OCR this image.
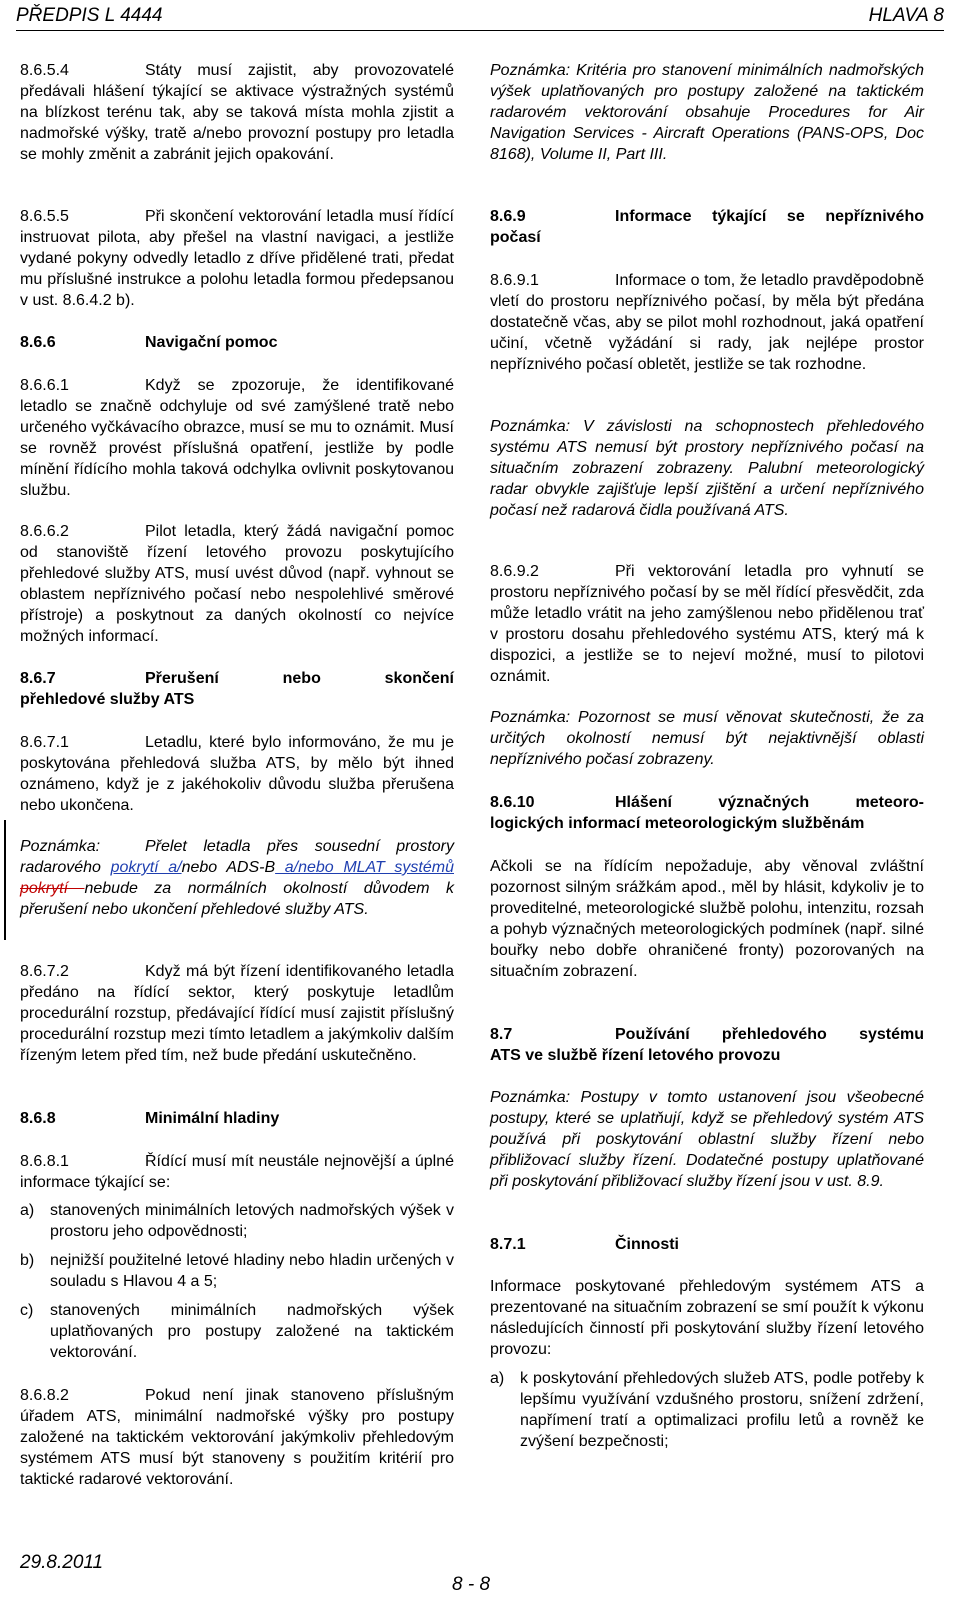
PŘEDPIS L 4444	HLAVA 8
8.6.5.4	Státy musí zajistit, aby provozovatelé předávali hlášení týkající se aktivace výstražných systémů na blízkost terénu tak, aby se taková místa mohla zjistit a nadmořské výšky, tratě a/nebo provozní postupy pro letadla se mohly změnit a zabránit jejich opakování.
8.6.5.5	Při skončení vektorování letadla musí řídící instruovat pilota, aby přešel na vlastní navigaci, a jestliže vydané pokyny odvedly letadlo z dříve přidělené trati, předat mu příslušné instrukce a polohu letadla formou předepsanou v ust. 8.6.4.2 b).
8.6.6	Navigační pomoc
8.6.6.1	Když se zpozoruje, že identifikované letadlo se značně odchyluje od své zamýšlené tratě nebo určeného vyčkávacího obrazce, musí se mu to oznámit. Musí se rovněž provést příslušná opatření, jestliže by podle mínění řídícího mohla taková odchylka ovlivnit poskytovanou službu.
8.6.6.2	Pilot letadla, který žádá navigační pomoc od stanoviště řízení letového provozu poskytujícího přehledové služby ATS, musí uvést důvod (např. vyhnout se oblastem nepříznivého počasí nebo nespolehlivé směrové přístroje) a poskytnout za daných okolností co nejvíce možných informací.
8.6.7	Přerušení nebo skončení
přehledové služby ATS
8.6.7.1	Letadlu, které bylo informováno, že mu je poskytována přehledová služba ATS, by mělo být ihned oznámeno, když je z jakéhokoliv důvodu služba přerušena nebo ukončena.
Poznámka:	Přelet letadla přes sousední prostory radarového pokrytí a/nebo ADS-B a/nebo MLAT systémů pokrytí nebude za normálních okolností důvodem k přerušení nebo ukončení přehledové služby ATS.
8.6.7.2	Když má být řízení identifikovaného letadla předáno na řídící sektor, který poskytuje letadlům procedurální rozstup, předávající řídící musí zajistit příslušný procedurální rozstup mezi tímto letadlem a jakýmkoliv dalším řízeným letem před tím, než bude předání uskutečněno.
8.6.8	Minimální hladiny
8.6.8.1	Řídící musí mít neustále nejnovější a úplné informace týkající se:
a) stanovených minimálních letových nadmořských výšek v prostoru jeho odpovědnosti;
b) nejnižší použitelné letové hladiny nebo hladin určených v souladu s Hlavou 4 a 5;
c)	stanovených minimálních nadmořských výšek uplatňovaných pro postupy založené na taktickém vektorování.
8.6.8.2	Pokud není jinak stanoveno příslušným úřadem ATS, minimální nadmořské výšky pro postupy založené na taktickém vektorování jakýmkoliv přehledovým systémem ATS musí být stanoveny s použitím kritérií pro taktické radarové vektorování.
Poznámka: Kritéria pro stanovení minimálních nadmořských výšek uplatňovaných pro postupy založené na taktickém radarovém vektorování obsahuje Procedures for Air Navigation Services - Aircraft Operations (PANS-OPS, Doc 8168), Volume II, Part III.
8.6.9	Informace týkající se nepříznivého
počasí
8.6.9.1	Informace o tom, že letadlo pravděpodobně vletí do prostoru nepříznivého počasí, by měla být předána dostatečně včas, aby se pilot mohl rozhodnout, jaká opatření učiní, včetně vyžádání si rady, jak nejlépe prostor nepříznivého počasí obletět, jestliže se tak rozhodne.
Poznámka: V závislosti na schopnostech přehledového systému ATS nemusí být prostory nepříznivého počasí na situačním zobrazení zobrazeny. Palubní meteorologický radar obvykle zajišťuje lepší zjištění a určení nepříznivého počasí než radarová čidla používaná ATS.
8.6.9.2	Při vektorování letadla pro vyhnutí se prostoru nepříznivého počasí by se měl řídící přesvědčit, zda může letadlo vrátit na jeho zamýšlenou nebo přidělenou trať v prostoru dosahu přehledového systému ATS, který má k dispozici, a jestliže se to nejeví možné, musí to pilotovi oznámit.
Poznámka: Pozornost se musí věnovat skutečnosti, že za určitých okolností nemusí být nejaktivnější oblasti nepříznivého počasí zobrazeny.
8.6.10	Hlášení význačných meteoro-
logických informací meteorologickým služběnám
Ačkoli se na řídícím nepožaduje, aby věnoval zvláštní pozornost silným srážkám apod., měl by hlásit, kdykoliv je to proveditelné, meteorologické službě polohu, intenzitu, rozsah a pohyb význačných meteorologických podmínek (např. silné bouřky nebo dobře ohraničené fronty) pozorovaných na situačním zobrazení.
8.7	Používání přehledového systému
ATS ve službě řízení letového provozu
Poznámka: Postupy v tomto ustanovení jsou všeobecné postupy, které se uplatňují, když se přehledový systém ATS používá při poskytování oblastní služby řízení nebo přibližovací služby řízení. Dodatečné postupy uplatňované při poskytování přibližovací služby řízení jsou v ust. 8.9.
8.7.1	Činnosti
Informace poskytované přehledovým systémem ATS a prezentované na situačním zobrazení se smí použít k výkonu následujících činností při poskytování služby řízení letového provozu:
a) k poskytování přehledových služeb ATS, podle potřeby k lepšímu využívání vzdušného prostoru, snížení zdržení, napřímení tratí a optimalizaci profilu letů a rovněž ke zvýšení bezpečnosti;
29.8.2011
8 - 8
